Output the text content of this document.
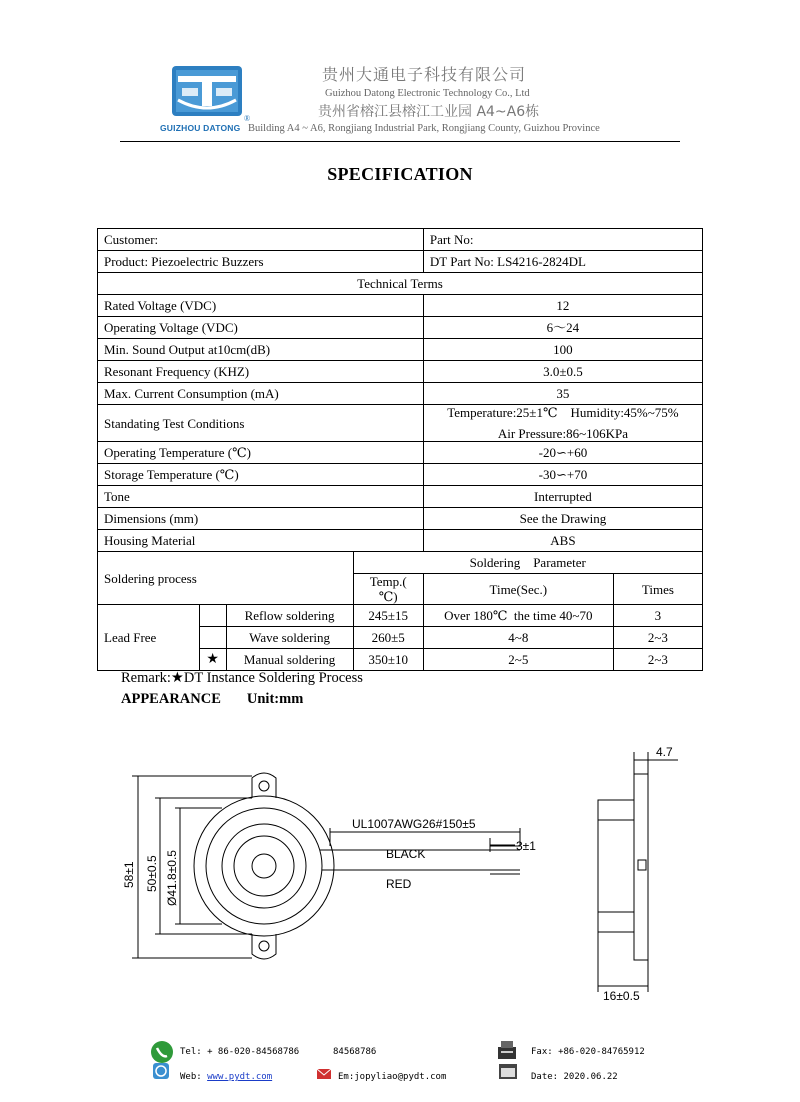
®
GUIZHOU DATONG
贵州大通电子科技有限公司
Guizhou Datong Electronic Technology Co., Ltd
贵州省榕江县榕江工业园 A4~A6栋
Building A4 ~ A6, Rongjiang Industrial Park, Rongjiang County, Guizhou Province
SPECIFICATION
Customer:				Part No:	
Product: Piezoelectric Buzzers				DT Part No: LS4216-2824DL	
Technical Terms					
Rated Voltage (VDC)				12	
Operating Voltage (VDC)				6～24	
Min. Sound Output at10cm(dB)				100	
Resonant Frequency (KHZ)				3.0±0.5	
Max. Current Consumption (mA)				35	
Standating Test Conditions				Temperature:25±1℃    Humidity:45%~75%
Air Pressure:86~106KPa	

Operating Temperature (℃)				-20∽+60	
Storage Temperature (℃)				-30∽+70	
Tone				Interrupted	
Dimensions (mm)				See the Drawing	
Housing Material				ABS	
Soldering process			Soldering    Parameter		
			Temp.( ℃)	Time(Sec.)	Times
Lead Free		Reflow soldering	245±15	Over 180℃  the time 40~70	3
		Wave soldering	260±5	4~8	2~3
	★	Manual soldering	350±10	2~5	2~3
Remark:★DT Instance Soldering Process
APPEARANCE Unit:mm
58±1 50±0.5 Ø41.8±0.5
UL1007AWG26#150±5
3±1
BLACK
RED
4.7
16±0.5
Tel: + 86-020-84568786	84568786
Web: www.pydt.com	Em:jopyliao@pydt.com
Fax: +86-020-84765912
Date: 2020.06.22
